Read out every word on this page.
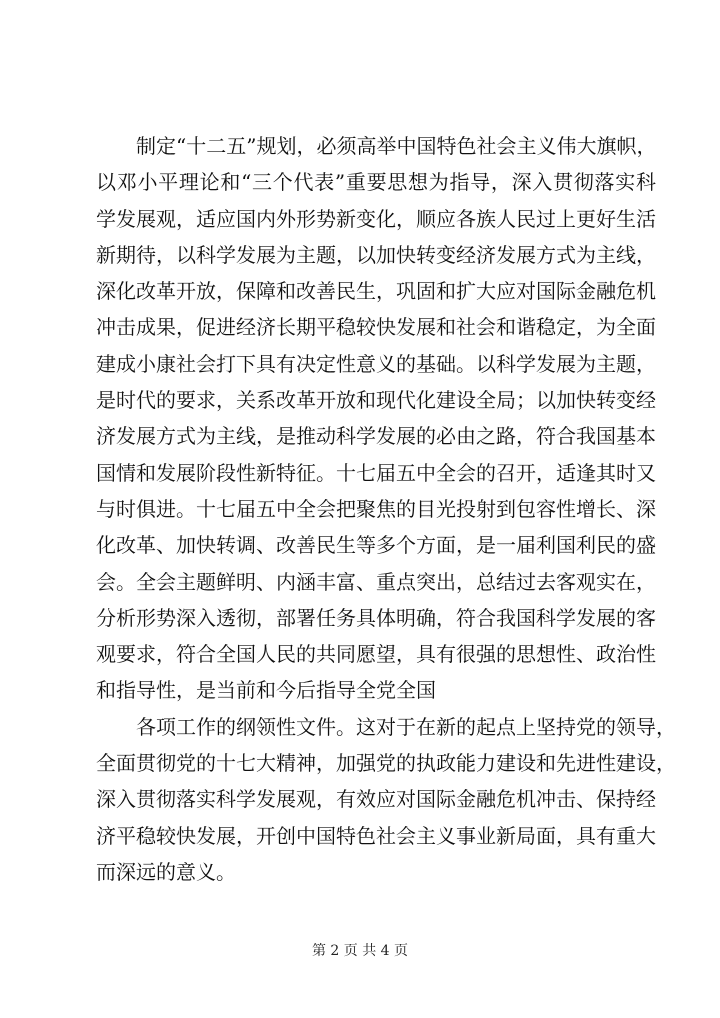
制定“十二五”规划，必须高举中国特色社会主义伟大旗帜，
以邓小平理论和“三个代表”重要思想为指导，深入贯彻落实科
学发展观，适应国内外形势新变化，顺应各族人民过上更好生活
新期待，以科学发展为主题，以加快转变经济发展方式为主线，
深化改革开放，保障和改善民生，巩固和扩大应对国际金融危机
冲击成果，促进经济长期平稳较快发展和社会和谐稳定，为全面
建成小康社会打下具有决定性意义的基础。以科学发展为主题，
是时代的要求，关系改革开放和现代化建设全局；以加快转变经
济发展方式为主线，是推动科学发展的必由之路，符合我国基本
国情和发展阶段性新特征。十七届五中全会的召开，适逢其时又
与时俱进。十七届五中全会把聚焦的目光投射到包容性增长、深
化改革、加快转调、改善民生等多个方面，是一届利国利民的盛
会。全会主题鲜明、内涵丰富、重点突出，总结过去客观实在，
分析形势深入透彻，部署任务具体明确，符合我国科学发展的客
观要求，符合全国人民的共同愿望，具有很强的思想性、政治性
和指导性，是当前和今后指导全党全国
各项工作的纲领性文件。这对于在新的起点上坚持党的领导，
全面贯彻党的十七大精神，加强党的执政能力建设和先进性建设，
深入贯彻落实科学发展观，有效应对国际金融危机冲击、保持经
济平稳较快发展，开创中国特色社会主义事业新局面，具有重大
而深远的意义。
第 2 页 共 4 页
